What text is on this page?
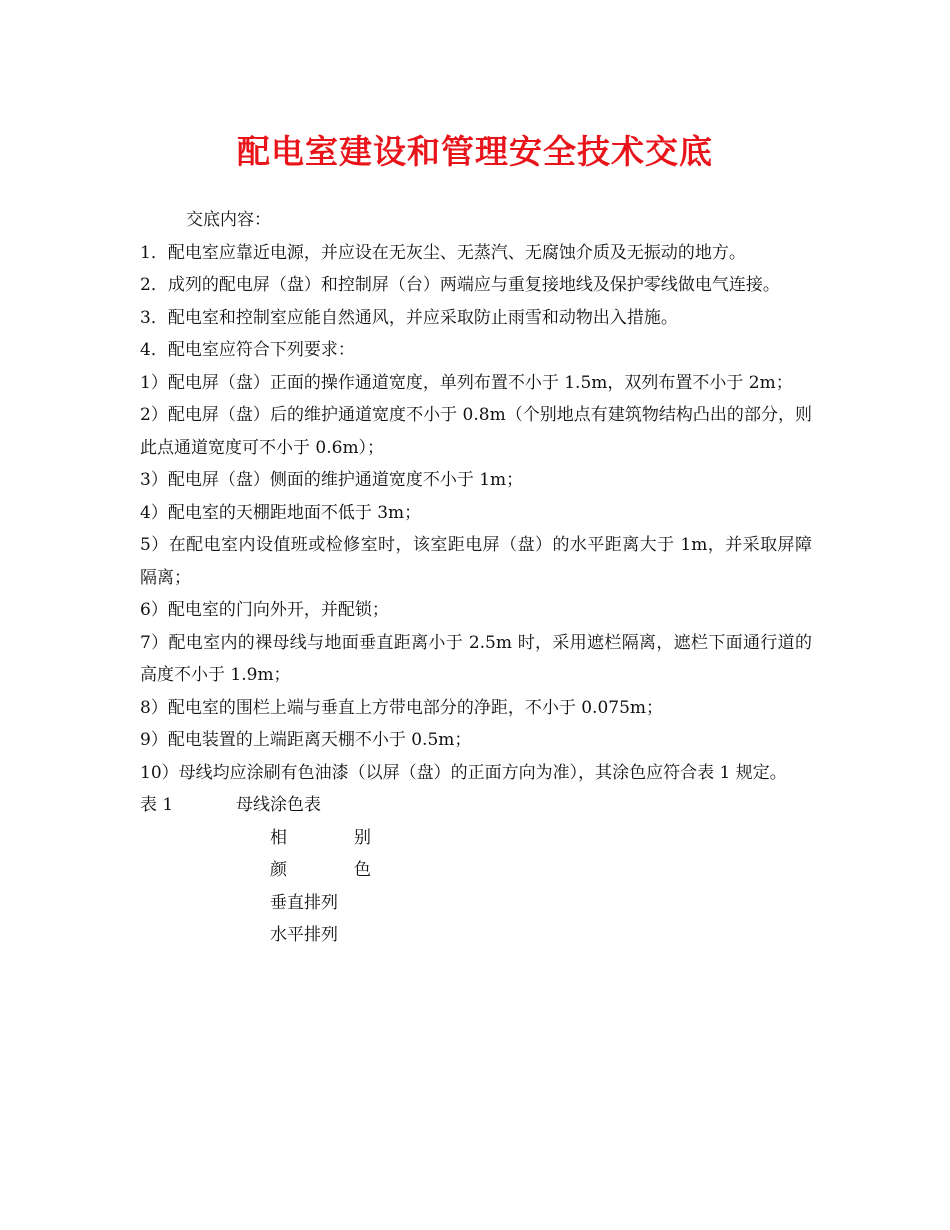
配电室建设和管理安全技术交底

交底内容：

1．配电室应靠近电源，并应设在无灰尘、无蒸汽、无腐蚀介质及无振动的地方。

2．成列的配电屏（盘）和控制屏（台）两端应与重复接地线及保护零线做电气连接。

3．配电室和控制室应能自然通风，并应采取防止雨雪和动物出入措施。

4．配电室应符合下列要求：

1）配电屏（盘）正面的操作通道宽度，单列布置不小于 1.5m，双列布置不小于 2m；

2）配电屏（盘）后的维护通道宽度不小于 0.8m（个别地点有建筑物结构凸出的部分，则此点通道宽度可不小于 0.6m）；

3）配电屏（盘）侧面的维护通道宽度不小于 1m；

4）配电室的天棚距地面不低于 3m；

5）在配电室内设值班或检修室时，该室距电屏（盘）的水平距离大于 1m，并采取屏障隔离；

6）配电室的门向外开，并配锁；

7）配电室内的裸母线与地面垂直距离小于 2.5m 时，采用遮栏隔离，遮栏下面通行道的高度不小于 1.9m；

8）配电室的围栏上端与垂直上方带电部分的净距，不小于 0.075m；

9）配电装置的上端距离天棚不小于 0.5m；

10）母线均应涂刷有色油漆（以屏（盘）的正面方向为准），其涂色应符合表 1 规定。

表 1	母线涂色表
相	别
颜	色
垂直排列
水平排列
